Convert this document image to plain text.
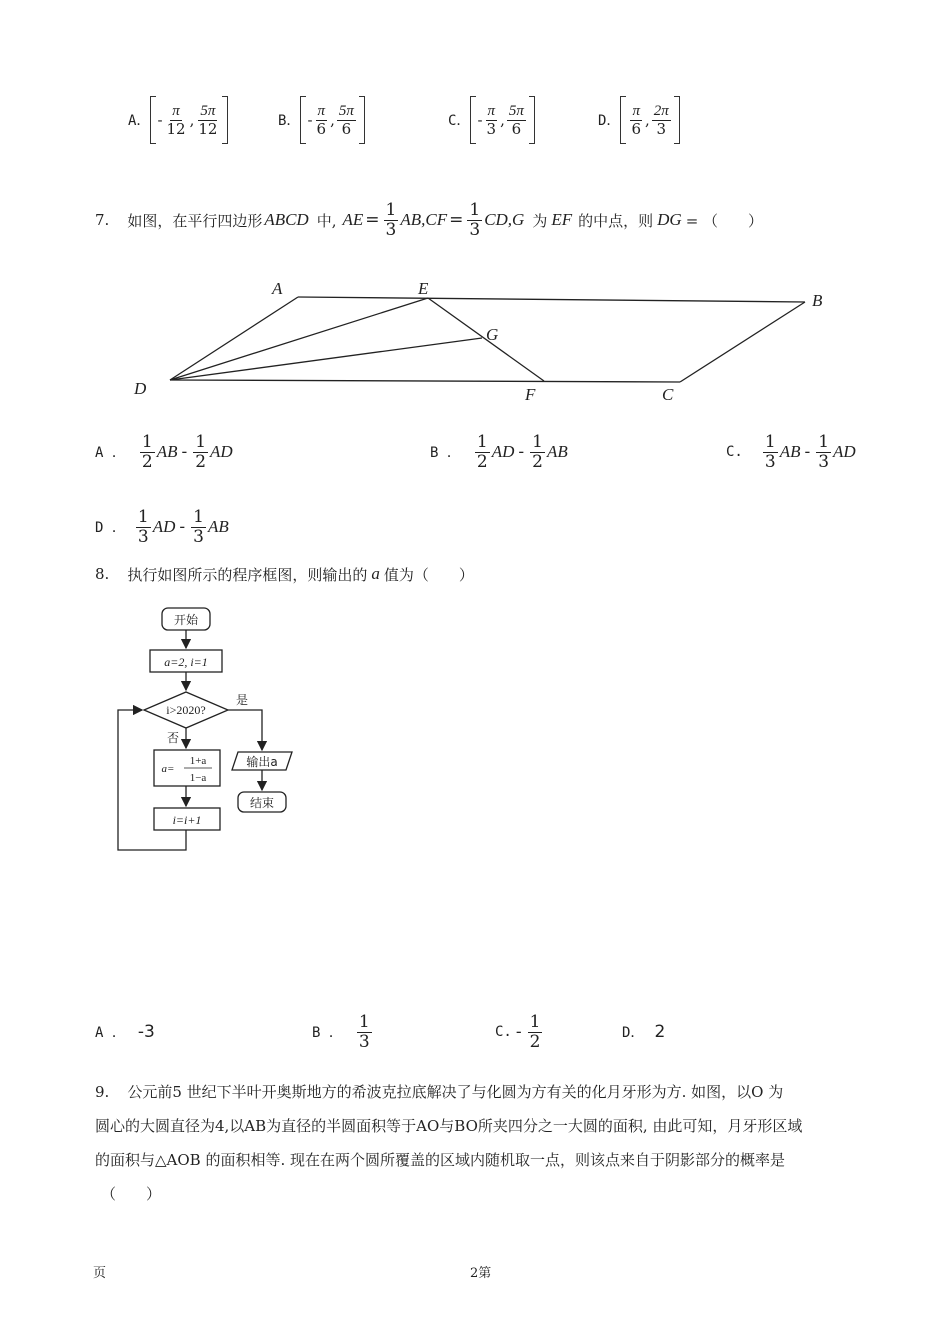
A． - $\frac{\pi}{12}$ , $\frac{5\pi}{12}$	B． - $\frac{\pi}{6}$ , $\frac{5\pi}{6}$	C． - $\frac{\pi}{3}$ , $\frac{5\pi}{6}$	D． $\frac{\pi}{6}$ , $\frac{2\pi}{3}$
7. 如图，在平行四边形 ABCD 中, AE = $\frac{1}{3} AB,CF = \frac{1}{3} CD,G$ 为 EF 的中点，则 DG = （　　）
A	E
B
G
D	F	C
A ． $\frac{1}{2}$ AB - $\frac{1}{2}$ AD	B ． $\frac{1}{2}$ AD - $\frac{1}{2}$ AB	C. $\frac{1}{3}$ AB - $\frac{1}{3}$ AD
D ． $\frac{1}{3}$ AD - $\frac{1}{3}$ AB
8. 执行如图所示的程序框图，则输出的 a 值为（　　）
开始
a=2, i=1
i>2020?
是
否
a=
1+a
1−a
i=i+1
输出a
结束
A ． -3	B ． $\frac{1}{3}$	C. - $\frac{1}{2}$	D． 2
9. 公元前5 世纪下半叶开奥斯地方的希波克拉底解决了与化圆为方有关的化月牙形为方. 如图，以O 为
圆心的大圆直径为4,以AB为直径的半圆面积等于AO与BO所夹四分之一大圆的面积, 由此可知，月牙形区域
的面积与△AOB 的面积相等. 现在在两个圆所覆盖的区域内随机取一点，则该点来自于阴影部分的概率是
（　　）
页	2第
